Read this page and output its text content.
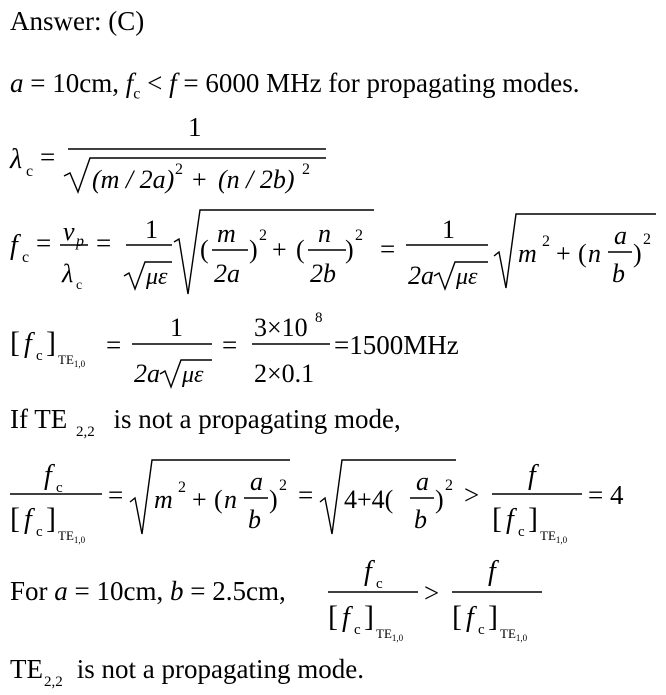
Answer: (C)
a = 10cm, $f_c < f = 6000$ MHz for propagating modes.
λ c =
1
(m / 2a) 2 + (n / 2b) 2
f c = v p
λ c
= 1
με
(
m
2a
) 2 + (
n
2b
) 2 =
1
2a με
m 2 + ( n
a
b
) 2
[ f c ]
$TE_{1,0}$
=
1
2a με
=
3×10 8
2×0.1
=1500MHz
If TE 2,2 is not a propagating mode,
f c
[ f c ]
$TE_{1,0}$
= m 2 + ( n
a
b
) 2 = 4+4(
a
b
) 2 >
f
[ f c ]
$TE_{1,0}$
= 4
For a = 10cm, b = 2.5cm,
f c
[ f c ]
$TE_{1,0}$
>
f
[ f c ]
$TE_{1,0}$
TE 2,2 is not a propagating mode.
